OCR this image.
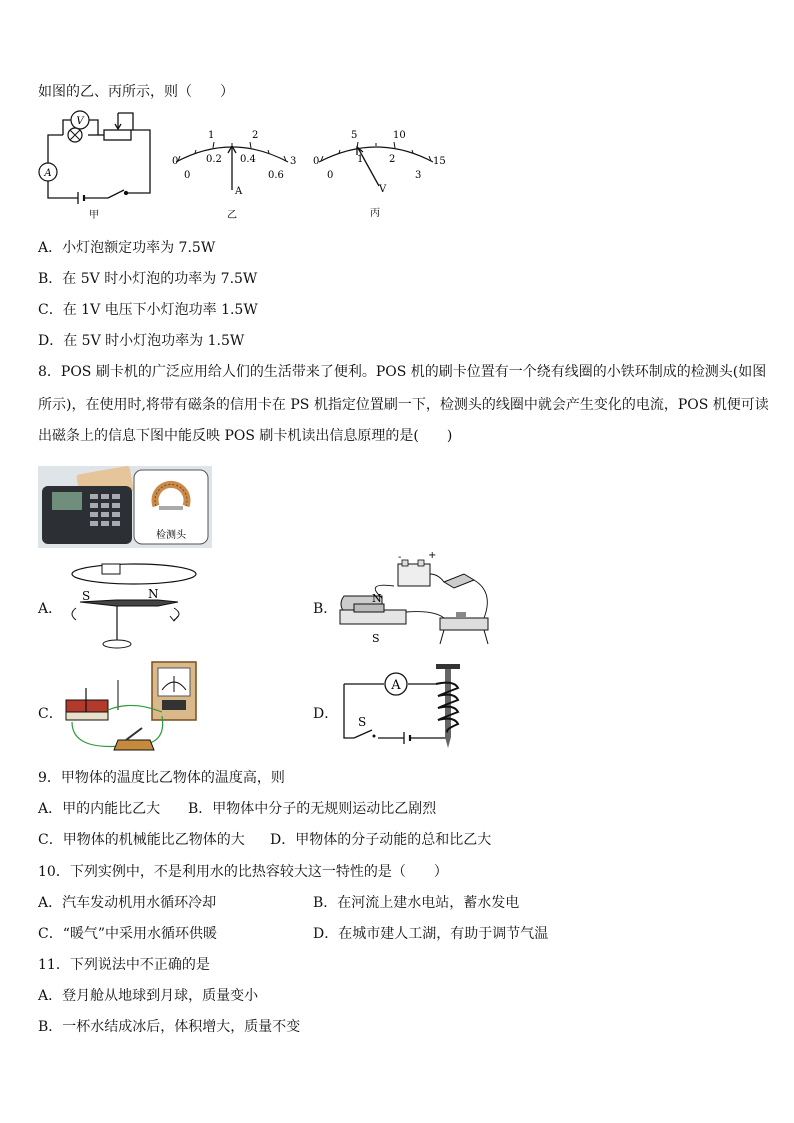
如图的乙、丙所示，则（　　）
V
A
甲
0
1	2
3
0
0.2 0.4
0.6
A
乙
0
5	10
15
0
1	2
3
V
丙
A．小灯泡额定功率为 7.5W
B．在 5V 时小灯泡的功率为 7.5W
C．在 1V 电压下小灯泡功率 1.5W
D．在 5V 时小灯泡功率为 1.5W
8．POS 刷卡机的广泛应用给人们的生活带来了便利。POS 机的刷卡位置有一个绕有线圈的小铁环制成的检测头(如图
所示)，在使用时,将带有磁条的信用卡在 PS 机指定位置刷一下，检测头的线圈中就会产生变化的电流，POS 机便可读
出磁条上的信息下图中能反映 POS 刷卡机读出信息原理的是(　　)
检测头
A．	B．
C．	D．
S	N
-	+
N
S
A
S
9．甲物体的温度比乙物体的温度高，则
A．甲的内能比乙大 B．甲物体中分子的无规则运动比乙剧烈
C．甲物体的机械能比乙物体的大 D．甲物体的分子动能的总和比乙大
10．下列实例中，不是利用水的比热容较大这一特性的是（　　）
A．汽车发动机用水循环冷却	B．在河流上建水电站，蓄水发电
C．“暖气”中采用水循环供暖	D．在城市建人工湖，有助于调节气温
11．下列说法中不正确的是
A．登月舱从地球到月球，质量变小
B．一杯水结成冰后，体积增大，质量不变
